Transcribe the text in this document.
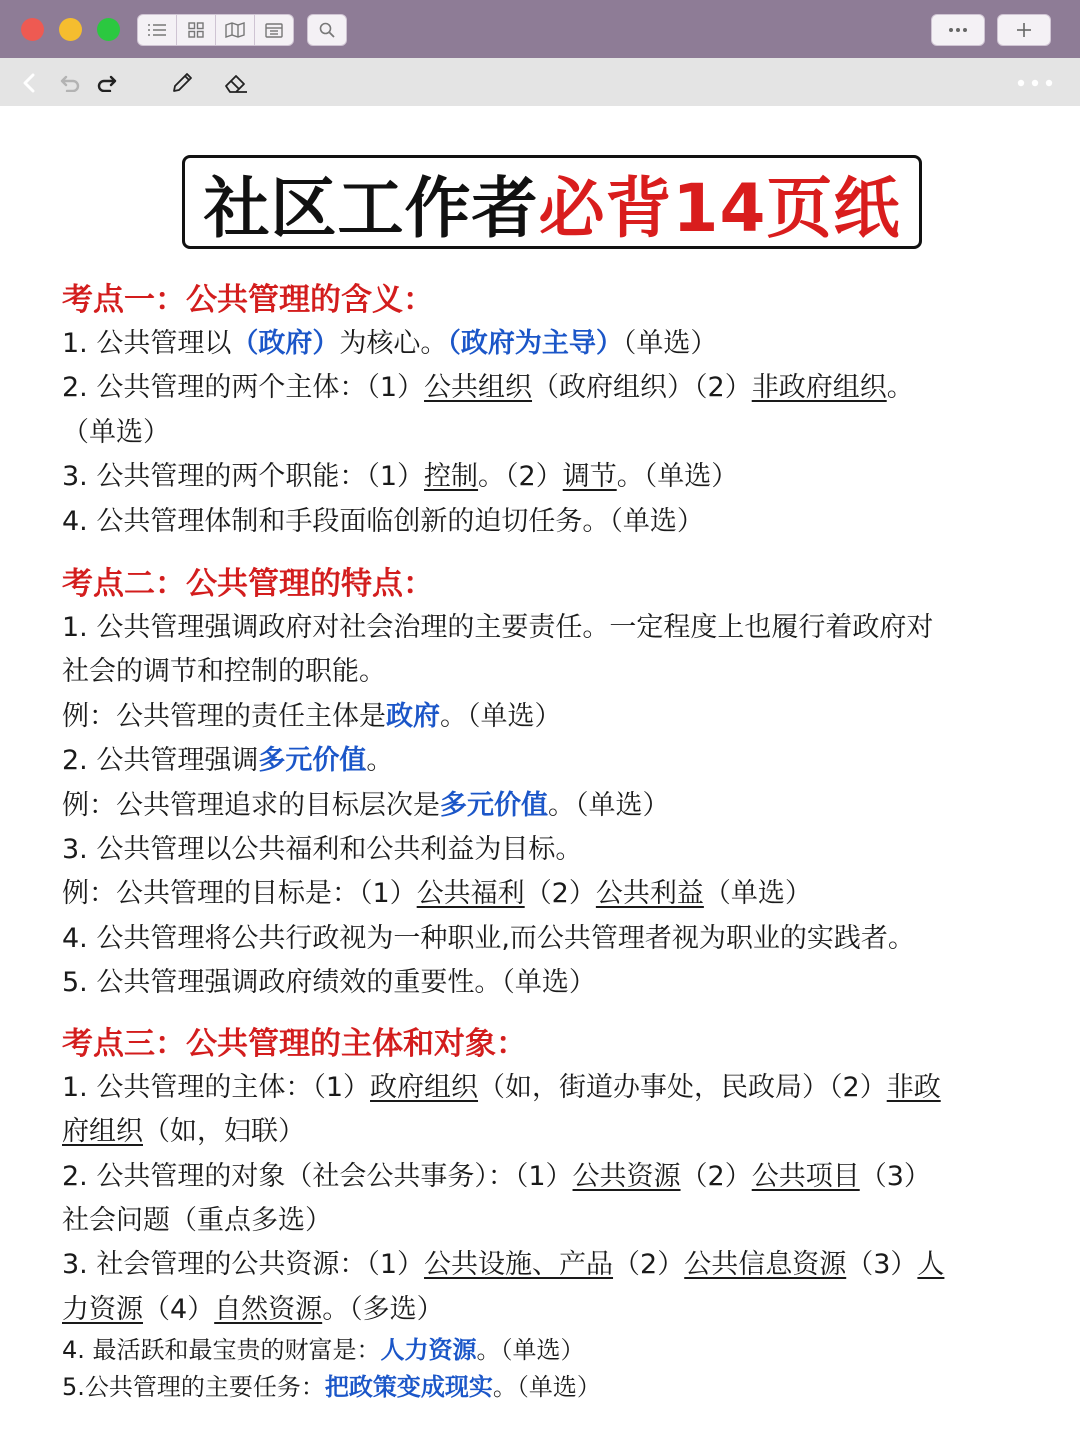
社区工作者 必背14页纸
考点一：公共管理的含义：
1. 公共管理以（政府）为核心。（政府为主导）（单选）
2. 公共管理的两个主体：（1）公共组织（政府组织）（2）非政府组织。
（单选）
3. 公共管理的两个职能：（1）控制。（2）调节。（单选）
4. 公共管理体制和手段面临创新的迫切任务。（单选）
考点二：公共管理的特点：
1. 公共管理强调政府对社会治理的主要责任。一定程度上也履行着政府对
社会的调节和控制的职能。
例：公共管理的责任主体是政府。（单选）
2. 公共管理强调多元价值。
例：公共管理追求的目标层次是多元价值。（单选）
3. 公共管理以公共福利和公共利益为目标。
例：公共管理的目标是：（1）公共福利（2）公共利益（单选）
4. 公共管理将公共行政视为一种职业,而公共管理者视为职业的实践者。
5. 公共管理强调政府绩效的重要性。（单选）
考点三：公共管理的主体和对象：
1. 公共管理的主体：（1）政府组织（如，街道办事处，民政局）（2）非政
府组织（如，妇联）
2. 公共管理的对象（社会公共事务）：（1）公共资源（2）公共项目（3）
社会问题（重点多选）
3. 社会管理的公共资源：（1）公共设施、产品（2）公共信息资源（3）人
力资源（4）自然资源。（多选）
4. 最活跃和最宝贵的财富是：人力资源。（单选）
5.公共管理的主要任务：把政策变成现实。（单选）
